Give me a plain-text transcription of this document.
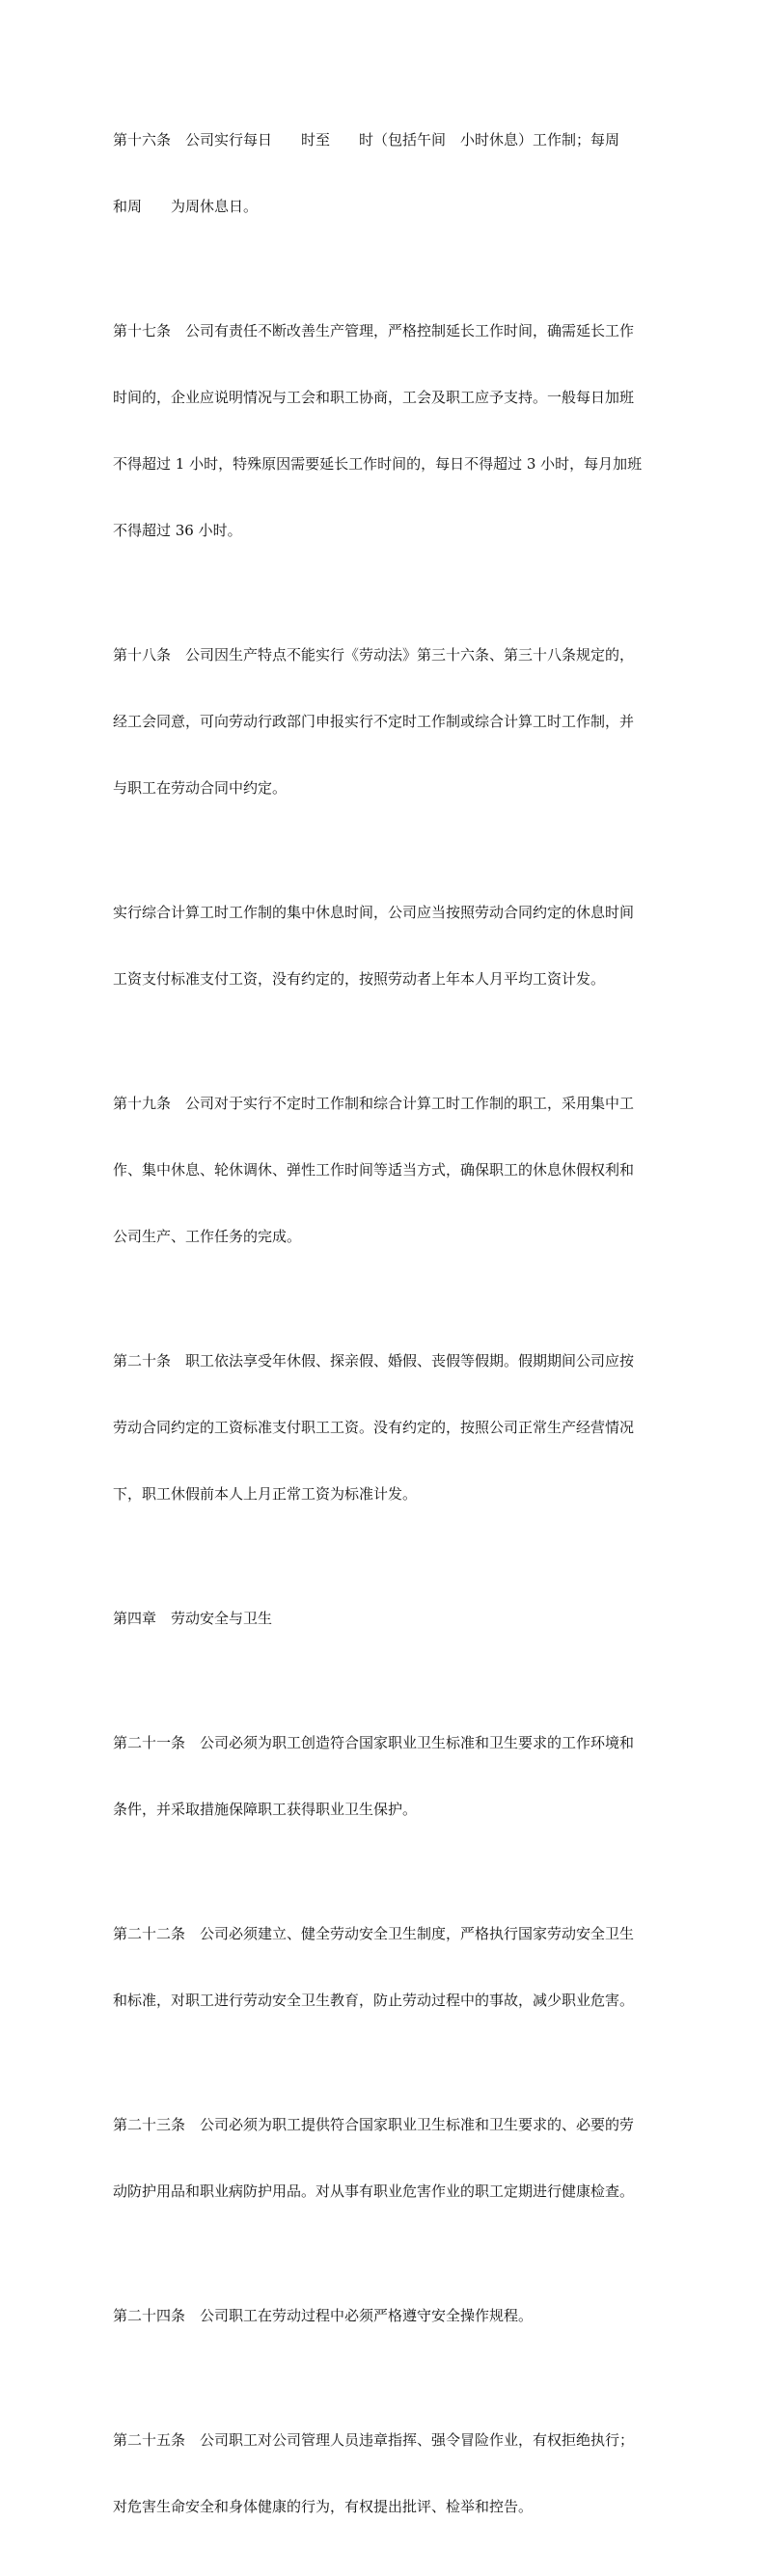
第十六条　公司实行每日　　时至　　时（包括午间　小时休息）工作制；每周

和周　　为周休息日。

第十七条　公司有责任不断改善生产管理，严格控制延长工作时间，确需延长工作

时间的，企业应说明情况与工会和职工协商，工会及职工应予支持。一般每日加班

不得超过 1 小时，特殊原因需要延长工作时间的，每日不得超过 3 小时，每月加班

不得超过 36 小时。

第十八条　公司因生产特点不能实行《劳动法》第三十六条、第三十八条规定的，

经工会同意，可向劳动行政部门申报实行不定时工作制或综合计算工时工作制，并

与职工在劳动合同中约定。

实行综合计算工时工作制的集中休息时间，公司应当按照劳动合同约定的休息时间

工资支付标准支付工资，没有约定的，按照劳动者上年本人月平均工资计发。

第十九条　公司对于实行不定时工作制和综合计算工时工作制的职工，采用集中工

作、集中休息、轮休调休、弹性工作时间等适当方式，确保职工的休息休假权利和

公司生产、工作任务的完成。

第二十条　职工依法享受年休假、探亲假、婚假、丧假等假期。假期期间公司应按

劳动合同约定的工资标准支付职工工资。没有约定的，按照公司正常生产经营情况

下，职工休假前本人上月正常工资为标准计发。

第四章　劳动安全与卫生

第二十一条　公司必须为职工创造符合国家职业卫生标准和卫生要求的工作环境和

条件，并采取措施保障职工获得职业卫生保护。

第二十二条　公司必须建立、健全劳动安全卫生制度，严格执行国家劳动安全卫生

和标准，对职工进行劳动安全卫生教育，防止劳动过程中的事故，减少职业危害。

第二十三条　公司必须为职工提供符合国家职业卫生标准和卫生要求的、必要的劳

动防护用品和职业病防护用品。对从事有职业危害作业的职工定期进行健康检查。

第二十四条　公司职工在劳动过程中必须严格遵守安全操作规程。

第二十五条　公司职工对公司管理人员违章指挥、强令冒险作业，有权拒绝执行；

对危害生命安全和身体健康的行为，有权提出批评、检举和控告。
